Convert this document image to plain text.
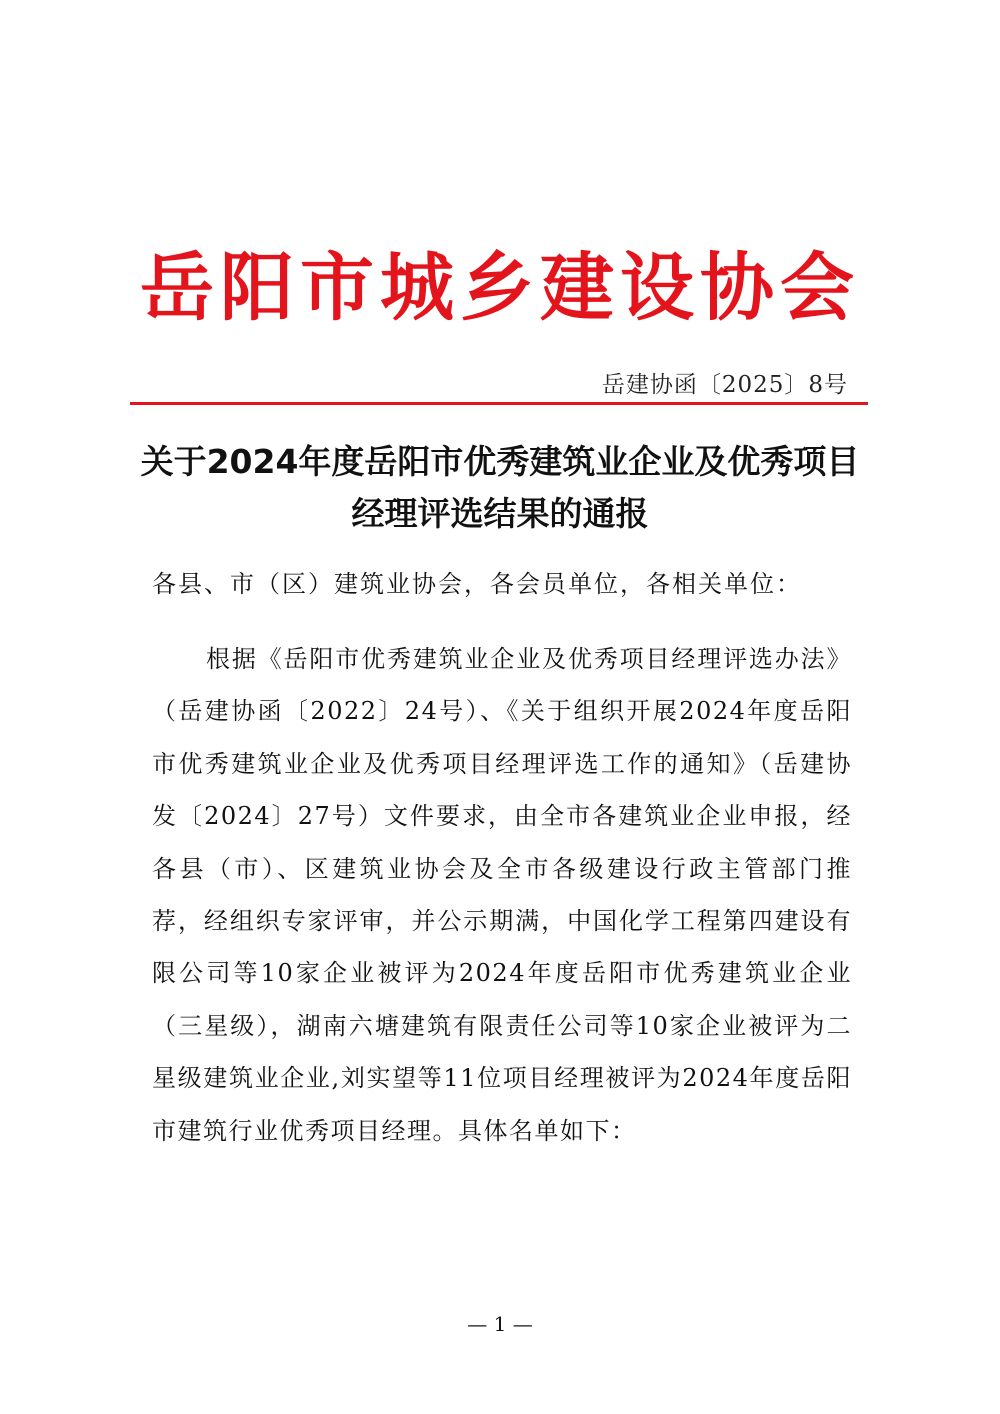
岳阳市城乡建设协会
岳建协函〔2025〕8号
关于2024年度岳阳市优秀建筑业企业及优秀项目经理评选结果的通报
各县、市（区）建筑业协会，各会员单位，各相关单位：
根据《岳阳市优秀建筑业企业及优秀项目经理评选办法》（岳建协函〔2022〕24号）、《关于组织开展2024年度岳阳市优秀建筑业企业及优秀项目经理评选工作的通知》（岳建协发〔2024〕27号）文件要求，由全市各建筑业企业申报，经各县（市）、区建筑业协会及全市各级建设行政主管部门推荐，经组织专家评审，并公示期满，中国化学工程第四建设有限公司等10家企业被评为2024年度岳阳市优秀建筑业企业（三星级），湖南六塘建筑有限责任公司等10家企业被评为二星级建筑业企业,刘实望等11位项目经理被评为2024年度岳阳市建筑行业优秀项目经理。具体名单如下：
— 1 —
